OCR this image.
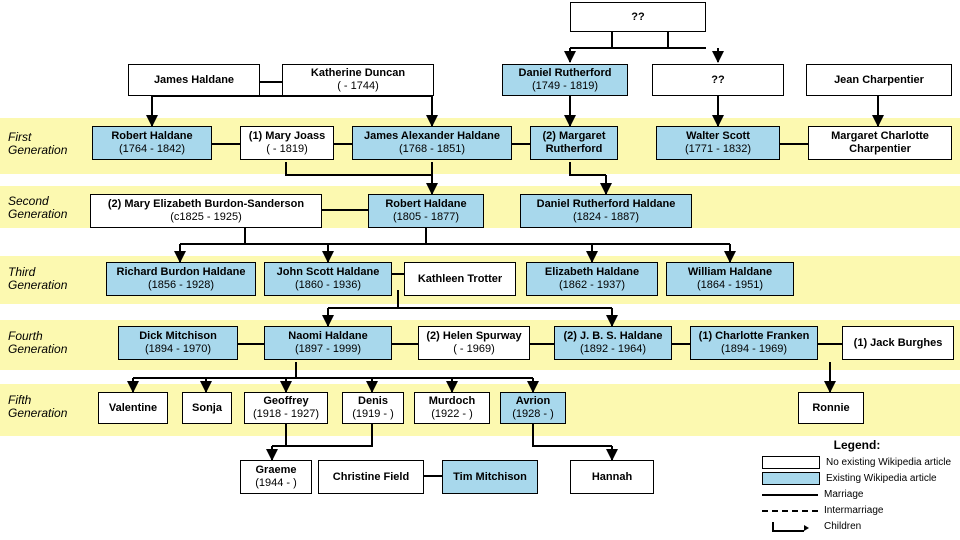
First
Generation
Second
Generation
Third
Generation
Fourth
Generation
Fifth
Generation
??
James Haldane
Katherine Duncan
( - 1744)
Daniel Rutherford
(1749 - 1819)
??	Jean Charpentier
Robert Haldane
(1764 - 1842)
(1) Mary Joass
( - 1819)
James Alexander Haldane
(1768 - 1851)
(2) Margaret
Rutherford
Walter Scott
(1771 - 1832)
Margaret Charlotte
Charpentier
(2) Mary Elizabeth Burdon-Sanderson
(c1825 - 1925)
Robert Haldane
(1805 - 1877)
Daniel Rutherford Haldane
(1824 - 1887)
Richard Burdon Haldane
(1856 - 1928)
John Scott Haldane
(1860 - 1936)
Kathleen Trotter
Elizabeth Haldane
(1862 - 1937)
William Haldane
(1864 - 1951)
Dick Mitchison
(1894 - 1970)
Naomi Haldane
(1897 - 1999)
(2) Helen Spurway
( - 1969)
(2) J. B. S. Haldane
(1892 - 1964)
(1) Charlotte Franken
(1894 - 1969)
(1) Jack Burghes
Valentine	Sonja
Geoffrey
(1918 - 1927)
Denis
(1919 - )
Murdoch
(1922 - )
Avrion
(1928 - )
Ronnie
Graeme
(1944 - )
Christine Field	Tim Mitchison	Hannah
Legend:
No existing Wikipedia article
Existing Wikipedia article
Marriage
Intermarriage
Children
